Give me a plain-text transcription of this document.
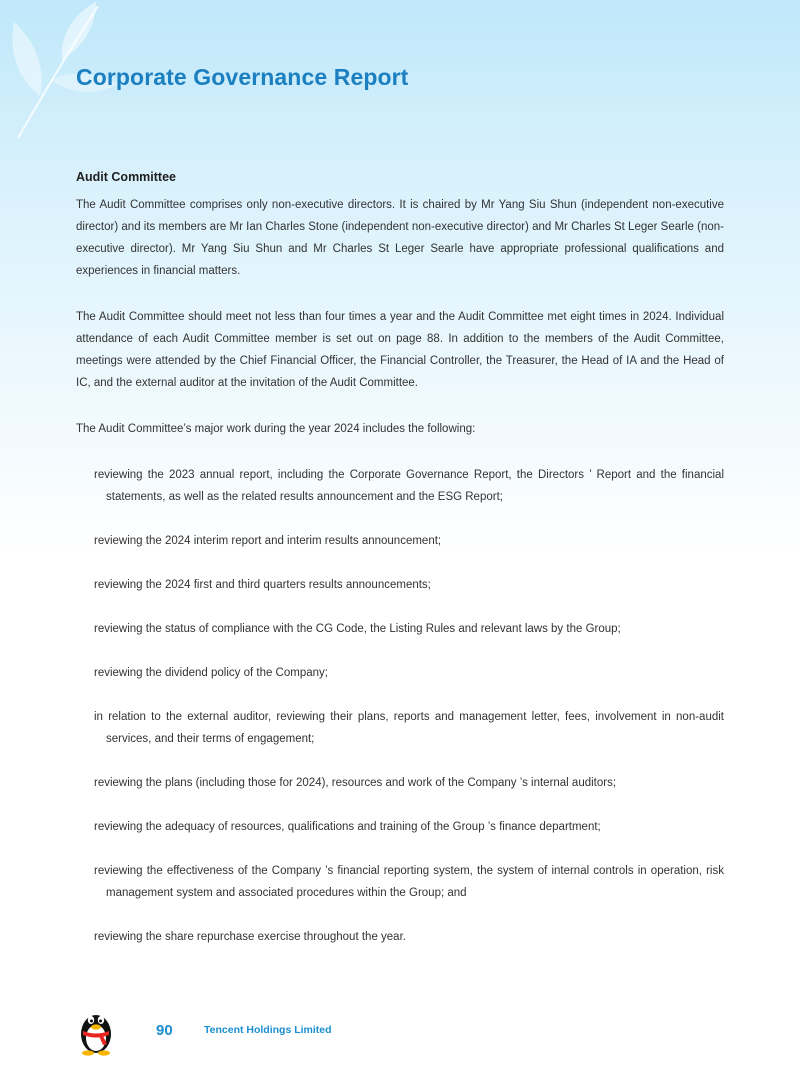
Corporate Governance Report
Audit Committee

The Audit Committee comprises only non-executive directors. It is chaired by Mr Yang Siu Shun (independent non-executive director) and its members are Mr Ian Charles Stone (independent non-executive director) and Mr Charles St Leger Searle (non-executive director). Mr Yang Siu Shun and Mr Charles St Leger Searle have appropriate professional qualifications and experiences in financial matters.

The Audit Committee should meet not less than four times a year and the Audit Committee met eight times in 2024. Individual attendance of each Audit Committee member is set out on page 88. In addition to the members of the Audit Committee, meetings were attended by the Chief Financial Officer, the Financial Controller, the Treasurer, the Head of IA and the Head of IC, and the external auditor at the invitation of the Audit Committee.

The Audit Committee’s major work during the year 2024 includes the following:

reviewing the 2023 annual report, including the Corporate Governance Report, the Directors ’ Report and the financial statements, as well as the related results announcement and the ESG Report;
reviewing the 2024 interim report and interim results announcement;
reviewing the 2024 first and third quarters results announcements;
reviewing the status of compliance with the CG Code, the Listing Rules and relevant laws by the Group;
reviewing the dividend policy of the Company;
in relation to the external auditor, reviewing their plans, reports and management letter, fees, involvement in non-audit services, and their terms of engagement;
reviewing the plans (including those for 2024), resources and work of the Company ’s internal auditors;
reviewing the adequacy of resources, qualifications and training of the Group ’s finance department;
reviewing the effectiveness of the Company ’s financial reporting system, the system of internal controls in operation, risk management system and associated procedures within the Group; and
reviewing the share repurchase exercise throughout the year.
90	Tencent Holdings Limited
